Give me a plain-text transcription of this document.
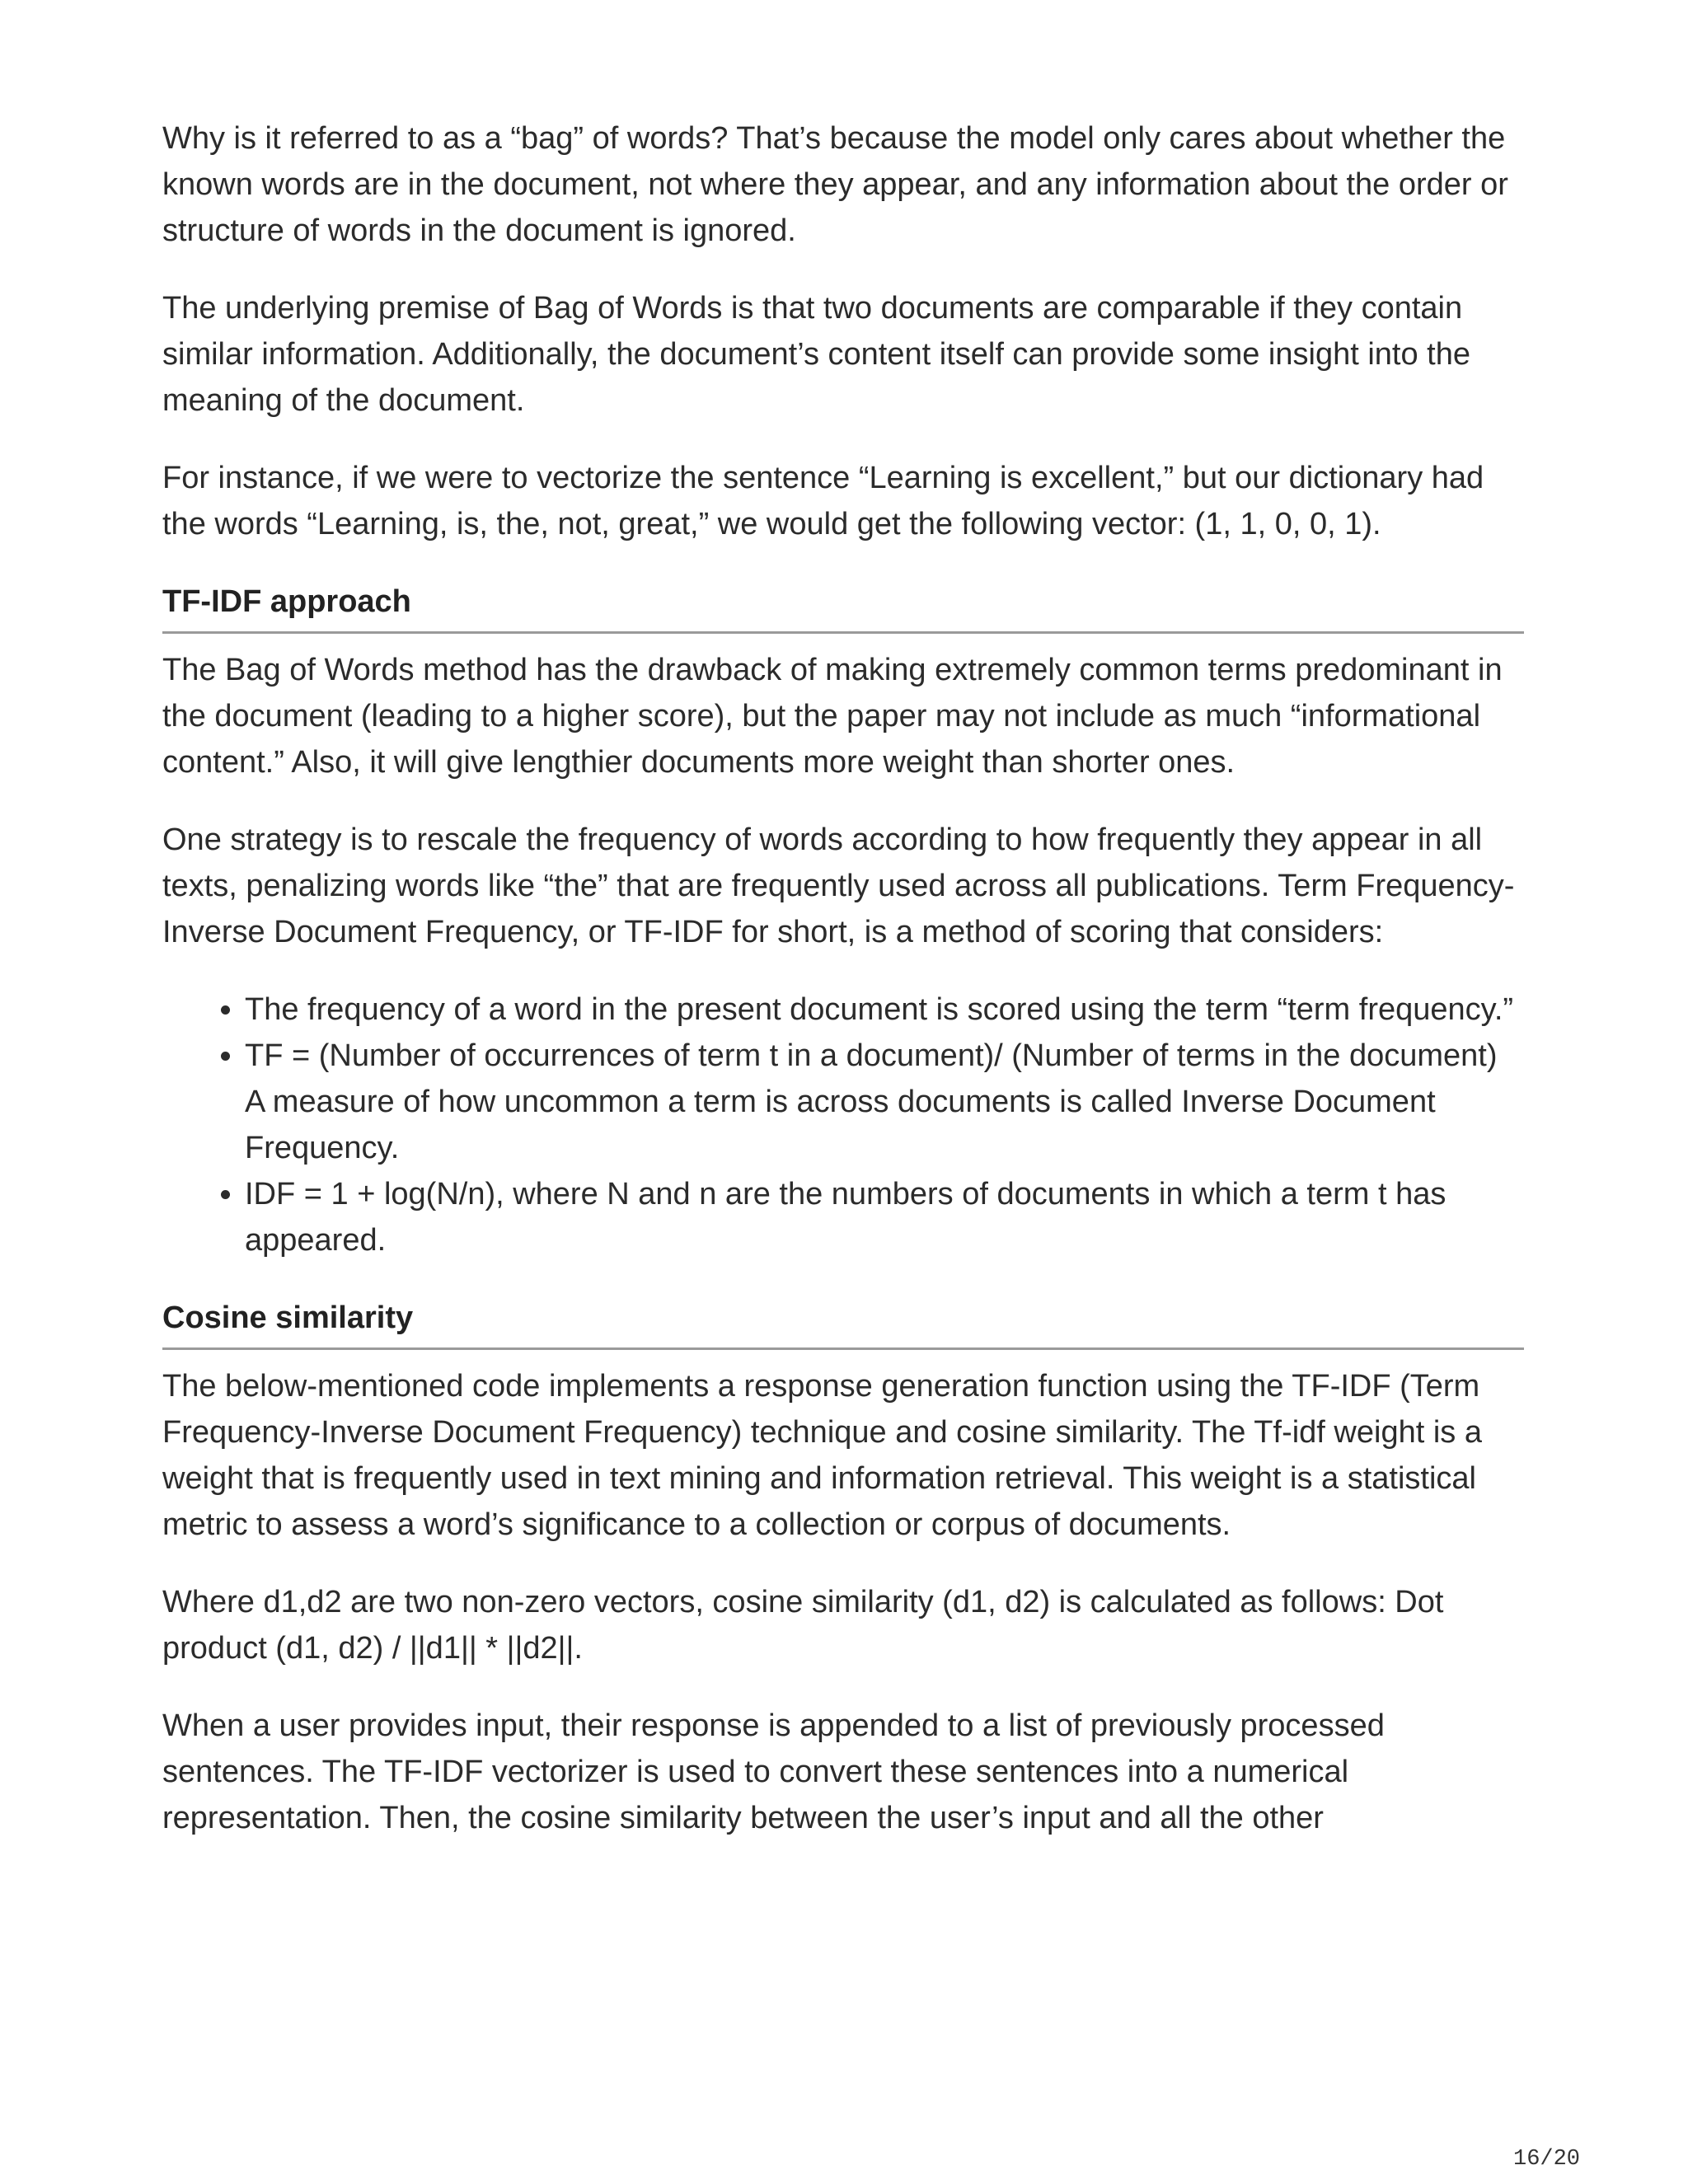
Why is it referred to as a “bag” of words? That’s because the model only cares about whether the known words are in the document, not where they appear, and any information about the order or structure of words in the document is ignored.

The underlying premise of Bag of Words is that two documents are comparable if they contain similar information. Additionally, the document’s content itself can provide some insight into the meaning of the document.

For instance, if we were to vectorize the sentence “Learning is excellent,” but our dictionary had the words “Learning, is, the, not, great,” we would get the following vector: (1, 1, 0, 0, 1).

TF-IDF approach

The Bag of Words method has the drawback of making extremely common terms predominant in the document (leading to a higher score), but the paper may not include as much “informational content.” Also, it will give lengthier documents more weight than shorter ones.

One strategy is to rescale the frequency of words according to how frequently they appear in all texts, penalizing words like “the” that are frequently used across all publications. Term Frequency-Inverse Document Frequency, or TF-IDF for short, is a method of scoring that considers:

• The frequency of a word in the present document is scored using the term “term frequency.”
• TF = (Number of occurrences of term t in a document)/ (Number of terms in the document)
A measure of how uncommon a term is across documents is called Inverse Document Frequency.
• IDF = 1 + log(N/n), where N and n are the numbers of documents in which a term t has appeared.
Cosine similarity

The below-mentioned code implements a response generation function using the TF-IDF (Term Frequency-Inverse Document Frequency) technique and cosine similarity. The Tf-idf weight is a weight that is frequently used in text mining and information retrieval. This weight is a statistical metric to assess a word’s significance to a collection or corpus of documents.

Where d1,d2 are two non-zero vectors, cosine similarity (d1, d2) is calculated as follows: Dot product (d1, d2) / ||d1|| * ||d2||.

When a user provides input, their response is appended to a list of previously processed sentences. The TF-IDF vectorizer is used to convert these sentences into a numerical representation. Then, the cosine similarity between the user’s input and all the other

16/20
